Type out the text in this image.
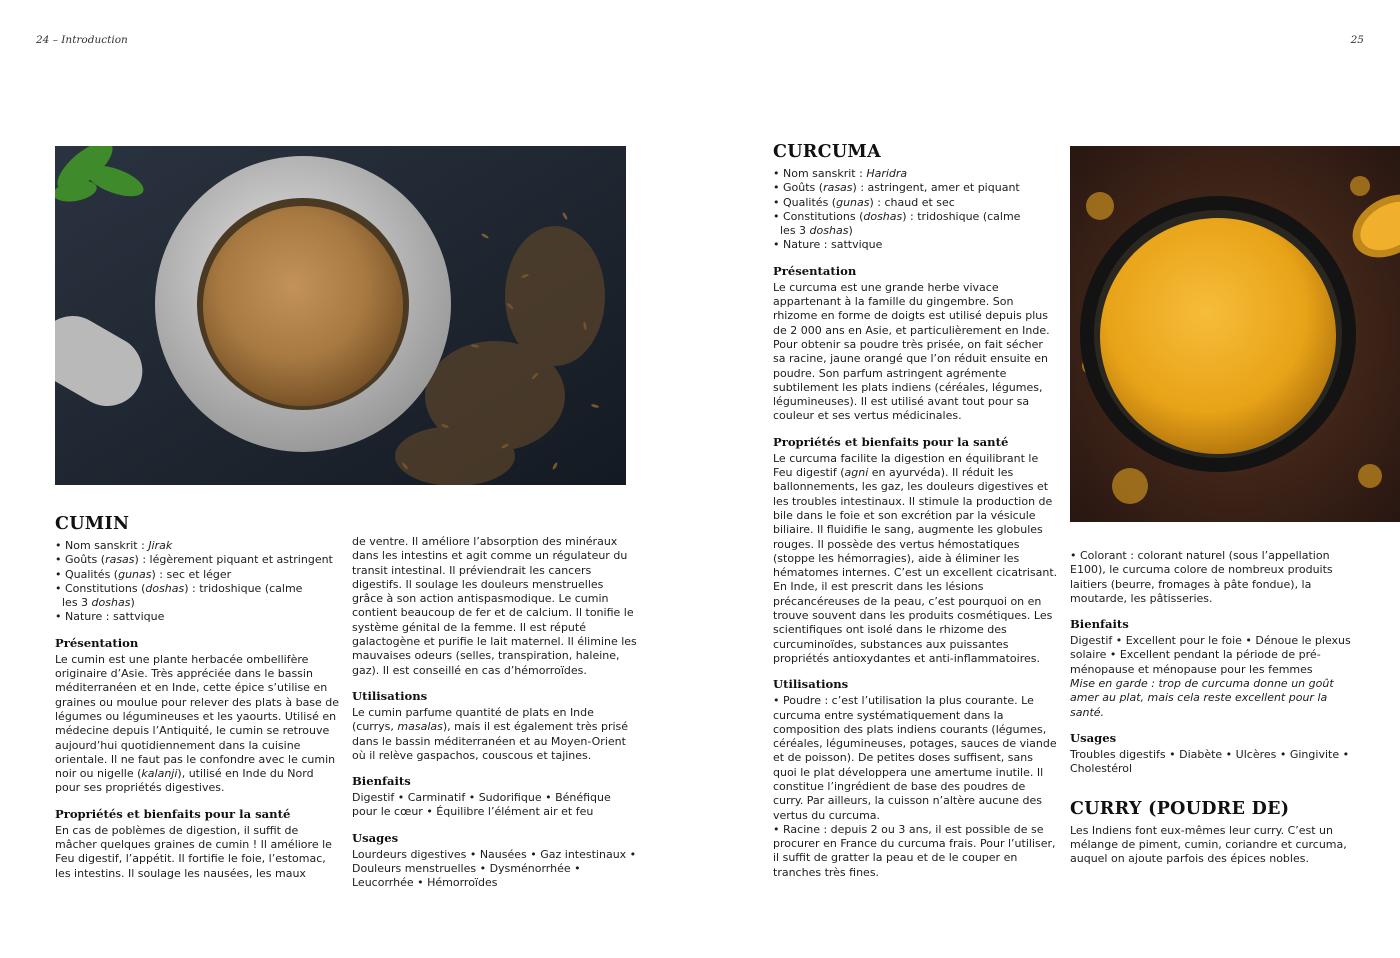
24 – Introduction	25
CUMIN
• Nom sanskrit : Jirak
• Goûts (rasas) : légèrement piquant et astringent
• Qualités (gunas) : sec et léger
• Constitutions (doshas) : tridoshique (calme
les 3 doshas)
• Nature : sattvique
Présentation

Le cumin est une plante herbacée ombellifère originaire d’Asie. Très appréciée dans le bassin méditerranéen et en Inde, cette épice s’utilise en graines ou moulue pour relever des plats à base de légumes ou légumineuses et les yaourts. Utilisé en médecine depuis l’Antiquité, le cumin se retrouve aujourd’hui quotidiennement dans la cuisine orientale. Il ne faut pas le confondre avec le cumin noir ou nigelle (kalanji), utilisé en Inde du Nord pour ses propriétés digestives.

Propriétés et bienfaits pour la santé

En cas de poblèmes de digestion, il suffit de mâcher quelques graines de cumin ! Il améliore le Feu digestif, l’appétit. Il fortifie le foie, l’estomac, les intestins. Il soulage les nausées, les maux

de ventre. Il améliore l’absorption des minéraux dans les intestins et agit comme un régulateur du transit intestinal. Il préviendrait les cancers digestifs. Il soulage les douleurs menstruelles grâce à son action antispasmodique. Le cumin contient beaucoup de fer et de calcium. Il tonifie le système génital de la femme. Il est réputé galactogène et purifie le lait maternel. Il élimine les mauvaises odeurs (selles, transpiration, haleine, gaz). Il est conseillé en cas d’hémorroïdes.

Utilisations

Le cumin parfume quantité de plats en Inde (currys, masalas), mais il est également très prisé dans le bassin méditerranéen et au Moyen-Orient où il relève gaspachos, couscous et tajines.

Bienfaits

Digestif • Carminatif • Sudorifique • Bénéfique pour le cœur • Équilibre l’élément air et feu

Usages

Lourdeurs digestives • Nausées • Gaz intestinaux • Douleurs menstruelles • Dysménorrhée • Leucorrhée • Hémorroïdes

CURCUMA
• Nom sanskrit : Haridra
• Goûts (rasas) : astringent, amer et piquant
• Qualités (gunas) : chaud et sec
• Constitutions (doshas) : tridoshique (calme
les 3 doshas)
• Nature : sattvique
Présentation

Le curcuma est une grande herbe vivace appartenant à la famille du gingembre. Son rhizome en forme de doigts est utilisé depuis plus de 2 000 ans en Asie, et particulièrement en Inde. Pour obtenir sa poudre très prisée, on fait sécher sa racine, jaune orangé que l’on réduit ensuite en poudre. Son parfum astringent agrémente subtilement les plats indiens (céréales, légumes, légumineuses). Il est utilisé avant tout pour sa couleur et ses vertus médicinales.

Propriétés et bienfaits pour la santé

Le curcuma facilite la digestion en équilibrant le Feu digestif (agni en ayurvéda). Il réduit les ballonnements, les gaz, les douleurs digestives et les troubles intestinaux. Il stimule la production de bile dans le foie et son excrétion par la vésicule biliaire. Il fluidifie le sang, augmente les globules rouges. Il possède des vertus hémostatiques (stoppe les hémorragies), aide à éliminer les hématomes internes. C’est un excellent cicatrisant. En Inde, il est prescrit dans les lésions précancéreuses de la peau, c’est pourquoi on en trouve souvent dans les produits cosmétiques. Les scientifiques ont isolé dans le rhizome des curcuminoïdes, substances aux puissantes propriétés antioxydantes et anti-inflammatoires.

Utilisations

• Poudre : c’est l’utilisation la plus courante. Le curcuma entre systématiquement dans la composition des plats indiens courants (légumes, céréales, légumineuses, potages, sauces de viande et de poisson). De petites doses suffisent, sans quoi le plat développera une amertume inutile. Il constitue l’ingrédient de base des poudres de curry. Par ailleurs, la cuisson n’altère aucune des vertus du curcuma.

• Racine : depuis 2 ou 3 ans, il est possible de se procurer en France du curcuma frais. Pour l’utiliser, il suffit de gratter la peau et de le couper en tranches très fines.

• Colorant : colorant naturel (sous l’appellation E100), le curcuma colore de nombreux produits laitiers (beurre, fromages à pâte fondue), la moutarde, les pâtisseries.

Bienfaits

Digestif • Excellent pour le foie • Dénoue le plexus solaire • Excellent pendant la période de pré-ménopause et ménopause pour les femmes

Mise en garde : trop de curcuma donne un goût amer au plat, mais cela reste excellent pour la santé.

Usages

Troubles digestifs • Diabète • Ulcères • Gingivite • Cholestérol

CURRY (POUDRE DE)

Les Indiens font eux-mêmes leur curry. C’est un mélange de piment, cumin, coriandre et curcuma, auquel on ajoute parfois des épices nobles.
